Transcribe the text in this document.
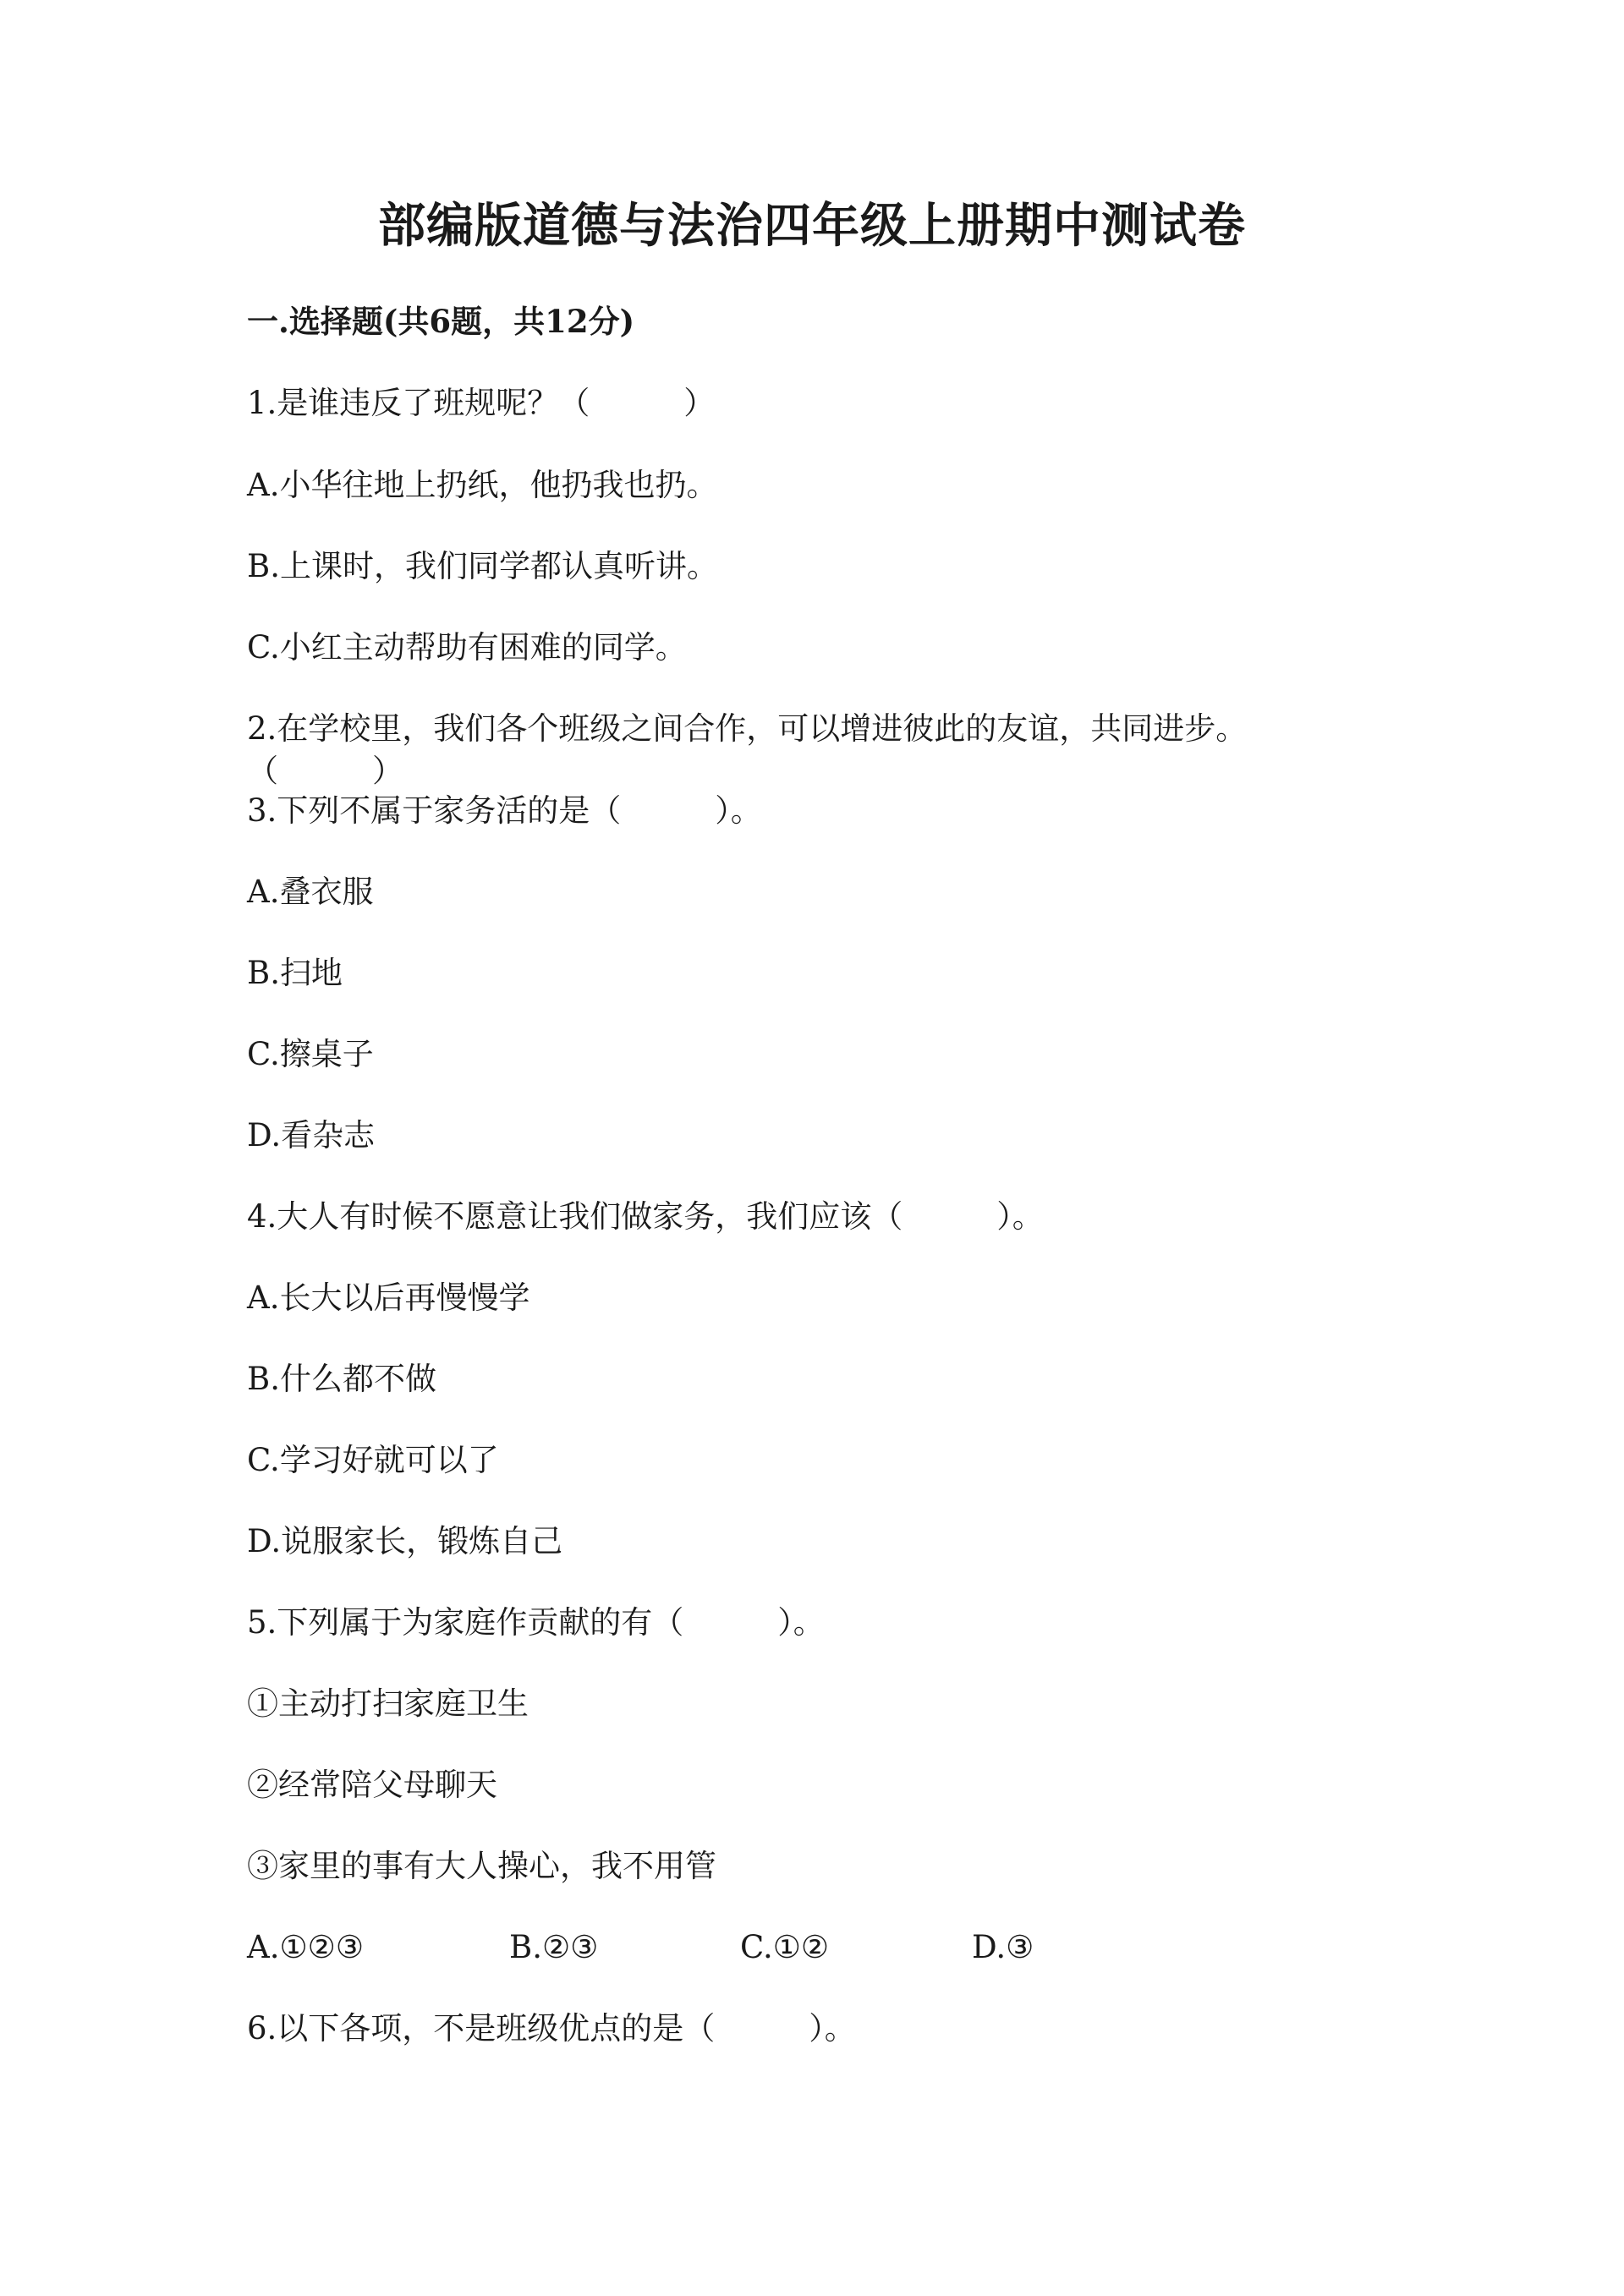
部编版道德与法治四年级上册期中测试卷
一.选择题(共6题，共12分)
1.是谁违反了班规呢？（　　　）
A.小华往地上扔纸，他扔我也扔。
B.上课时，我们同学都认真听讲。
C.小红主动帮助有困难的同学。
2.在学校里，我们各个班级之间合作，可以增进彼此的友谊，共同进步。
（　　　）
3.下列不属于家务活的是（　　　）。
A.叠衣服
B.扫地
C.擦桌子
D.看杂志
4.大人有时候不愿意让我们做家务，我们应该（　　　）。
A.长大以后再慢慢学
B.什么都不做
C.学习好就可以了
D.说服家长，锻炼自己
5.下列属于为家庭作贡献的有（　　　）。
①主动打扫家庭卫生
②经常陪父母聊天
③家里的事有大人操心，我不用管

A.①②③

	B.②③

	C.①②

	D.③

6.以下各项，不是班级优点的是（　　　）。
